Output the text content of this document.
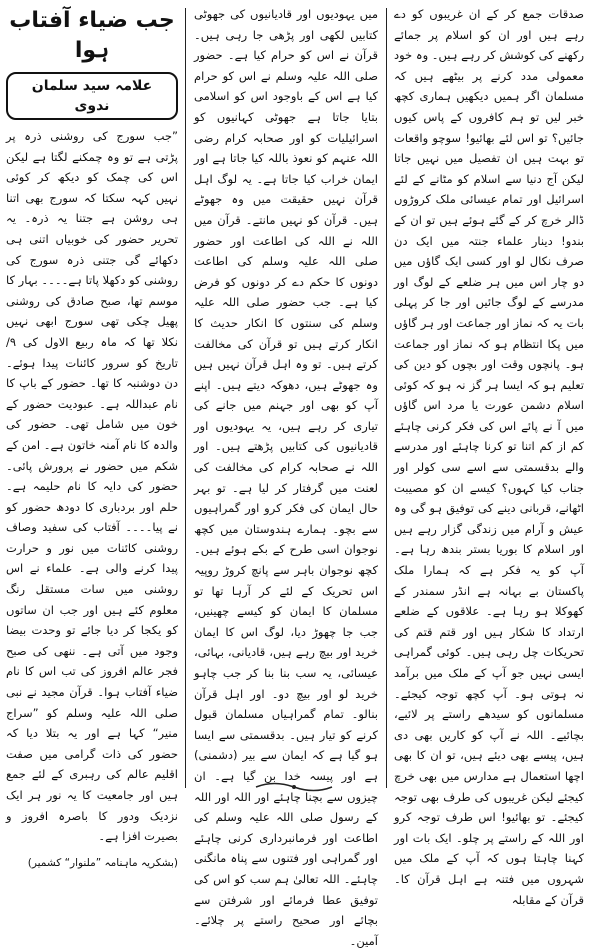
صدقات جمع کر کے ان غریبوں کو دے رہے ہیں اور ان کو اسلام پر جمائے رکھنے کی کوشش کر رہے ہیں۔ وہ خود معمولی مدد کرنے پر بیٹھے ہیں کہ مسلمان اگر ہمیں دیکھیں ہماری کچھ خبر لیں تو ہم کافروں کے پاس کیوں جائیں؟ تو اس لئے بھائیو! سوچو واقعات تو بہت ہیں ان تفصیل میں نہیں جاتا لیکن آج دنیا سے اسلام کو مٹانے کے لئے اسرائیل اور تمام عیسائی ملک کروڑوں ڈالر خرچ کر کے گئے ہوئے ہیں تو ان کے بندو! دینار علماء جنتہ میں ایک دن صرف نکال لو اور کسی ایک گاؤں میں دو چار اس میں ہر ضلعے کے لوگ اور مدرسے کے لوگ جائیں اور جا کر پہلی بات یہ کہ نماز اور جماعت اور ہر گاؤں میں پکا انتظام ہو کہ نماز اور جماعت ہو۔ پانچوں وقت اور بچوں کو دین کی تعلیم ہو کہ ایسا ہر گز نہ ہو کہ کوئی اسلام دشمن عورت یا مرد اس گاؤں میں آ نے پائے اس کی فکر کرنی چاہئے کم از کم اتنا تو کرنا چاہئے اور مدرسے والے بدقسمتی سے اسے سی کولر اور جناب کیا کہوں؟ کیسے ان کو مصیبت اٹھانے، قربانی دینے کی توفیق ہو گی وہ عیش و آرام میں زندگی گزار رہے ہیں اور اسلام کا بوریا بستر بندھ رہا ہے۔ آپ کو یہ فکر ہے کہ ہمارا ملک پاکستان بے بہانہ ہے انڈر سمندر کے کھوکلا ہو رہا ہے۔ علاقوں کے ضلعے ارتداد کا شکار ہیں اور قتم قتم کی تحریکات چل رہی ہیں۔ کوئی گمراہی ایسی نہیں جو آپ کے ملک میں برآمد نہ ہوتی ہو۔ آپ کچھ توجہ کیجئے۔ مسلمانوں کو سیدھے راستے پر لائیے، بچائیے۔ اللہ نے آپ کو کاریں بھی دی ہیں، پیسے بھی دیئے ہیں، تو ان کا بھی اچھا استعمال ہے مدارس میں بھی خرچ کیجئے لیکن غریبوں کی طرف بھی توجہ کیجئے۔ تو بھائیو! اس طرف توجہ کرو اور اللہ کے راستے پر چلو۔ ایک بات اور کہنا چاہتا ہوں کہ آپ کے ملک میں شہروں میں فتنہ ہے اہل قرآن کا۔ قرآن کے مقابلہ

میں یہودیوں اور قادیانیوں کی جھوٹی کتابیں لکھی اور پڑھی جا رہی ہیں۔ قرآن نے اس کو حرام کیا ہے۔ حضور صلی اللہ علیہ وسلم نے اس کو حرام کیا ہے اس کے باوجود اس کو اسلامی بتایا جاتا ہے جھوٹی کہانیوں کو اسرائیلیات کو اور صحابہ کرام رضی اللہ عنہم کو نعوذ باللہ کیا جاتا ہے اور ایمان خراب کیا جاتا ہے۔ یہ لوگ اہل قرآن نہیں حقیقت میں وہ جھوٹے ہیں۔ قرآن کو نہیں مانتے۔ قرآن میں اللہ نے اللہ کی اطاعت اور حضور صلی اللہ علیہ وسلم کی اطاعت دونوں کا حکم دے کر دونوں کو فرض کیا ہے۔ جب حضور صلی اللہ علیہ وسلم کی سنتوں کا انکار حدیث کا انکار کرتے ہیں تو قرآن کی مخالفت کرتے ہیں۔ تو وہ اہل قرآن نہیں ہیں وہ جھوٹے ہیں، دھوکہ دیتے ہیں۔ اپنے آپ کو بھی اور جہنم میں جانے کی تیاری کر رہے ہیں، یہ یہودیوں اور قادیانیوں کی کتابیں پڑھتے ہیں۔ اور اللہ نے صحابہ کرام کی مخالفت کی لعنت میں گرفتار کر لیا ہے۔ تو بہر حال ایمان کی فکر کرو اور گمراہیوں سے بچو۔ ہمارے ہندوستان میں کچھ نوجوان اسی طرح کے بکے ہوئے ہیں۔ کچھ نوجوان باہر سے پانچ کروڑ روپیہ اس تحریک کے لئے کر آرہا تھا تو مسلمان کا ایمان کو کیسے چھینیں، جب جا چھوڑ دیا، لوگ اس کا ایمان خرید اور بیچ رہے ہیں، قادیانی، بہائی، عیسائی، یہ سب بنا بنا کر جب چاہو خرید لو اور بیچ دو۔ اور اہل قرآن بنالو۔ تمام گمراہیاں مسلمان قبول کرنے کو تیار ہیں۔ بدقسمتی سے ایسا ہو گیا ہے کہ ایمان سے بیر (دشمنی) ہے اور پیسہ خدا بن گیا ہے۔ ان چیزوں سے بچنا چاہئے اور اللہ اور اللہ کے رسول صلی اللہ علیہ وسلم کی اطاعت اور فرمانبرداری کرنی چاہئے اور گمراہی اور فتنوں سے پناہ مانگنی چاہئے۔ اللہ تعالیٰ ہم سب کو اس کی توفیق عطا فرمائے اور شرفتن سے بچائے اور صحیح راستے پر چلائے۔ آمین۔

جب ضیاء آفتاب ہوا
علامہ سید سلمان ندوی

”جب سورج کی روشنی ذرہ پر پڑتی ہے تو وہ چمکنے لگتا ہے لیکن اس کی چمک کو دیکھ کر کوئی نہیں کہہ سکتا کہ سورج بھی اتنا ہی روشن ہے جتنا یہ ذرہ۔ یہ تحریر حضور کی خوبیاں اتنی ہی دکھائے گی جتنی ذرہ سورج کی روشنی کو دکھلا پاتا ہے۔۔۔۔ بہار کا موسم تھا، صبح صادق کی روشنی پھیل چکی تھی سورج ابھی نہیں نکلا تھا کہ ماہ ربیع الاول کی ۹/ تاریخ کو سرور کائنات پیدا ہوئے۔ دن دوشنبہ کا تھا۔ حضور کے باپ کا نام عبداللہ ہے۔ عبودیت حضور کے خون میں شامل تھی۔ حضور کی والدہ کا نام آمنہ خاتون ہے۔ امن کے شکم میں حضور نے پرورش پائی۔ حضور کی دایہ کا نام حلیمہ ہے۔ حلم اور بردباری کا دودھ حضور کو نے پیا۔۔۔۔ آفتاب کی سفید وصاف روشنی کائنات میں نور و حرارت پیدا کرنے والی ہے۔ علماء نے اس روشنی میں سات مستقل رنگ معلوم کئے ہیں اور جب ان ساتوں کو یکجا کر دیا جائے تو وحدت بیضا وجود میں آتی ہے۔ ننھی کی صبح فجر عالم افروز کی تب اس کا نام ضیاء آفتاب ہوا۔ قرآن مجید نے نبی صلی اللہ علیہ وسلم کو ”سراج منیر“ کہا ہے اور یہ بتلا دیا کہ حضور کی ذات گرامی میں صفت اقلیم عالم کی رہبری کے لئے جمع ہیں اور جامعیت کا یہ نور ہر ایک نزدیک ودور کا باصرہ افروز و بصیرت افزا ہے۔

(بشکریہ ماہنامہ ”ملنوار“ کشمیر)
